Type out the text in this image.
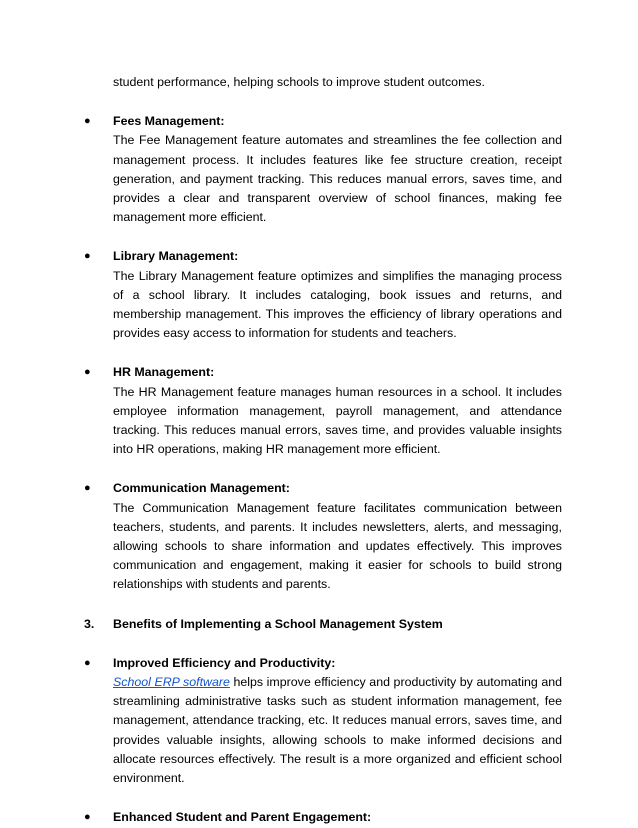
student performance, helping schools to improve student outcomes.

● Fees Management:

The Fee Management feature automates and streamlines the fee collection and management process. It includes features like fee structure creation, receipt generation, and payment tracking. This reduces manual errors, saves time, and provides a clear and transparent overview of school finances, making fee management more efficient.

● Library Management:

The Library Management feature optimizes and simplifies the managing process of a school library. It includes cataloging, book issues and returns, and membership management. This improves the efficiency of library operations and provides easy access to information for students and teachers.

● HR Management:

The HR Management feature manages human resources in a school. It includes employee information management, payroll management, and attendance tracking. This reduces manual errors, saves time, and provides valuable insights into HR operations, making HR management more efficient.

● Communication Management:

The Communication Management feature facilitates communication between teachers, students, and parents. It includes newsletters, alerts, and messaging, allowing schools to share information and updates effectively. This improves communication and engagement, making it easier for schools to build strong relationships with students and parents.

3. Benefits of Implementing a School Management System
● Improved Efficiency and Productivity:

School ERP software helps improve efficiency and productivity by automating and streamlining administrative tasks such as student information management, fee management, attendance tracking, etc. It reduces manual errors, saves time, and provides valuable insights, allowing schools to make informed decisions and allocate resources effectively. The result is a more organized and efficient school environment.

● Enhanced Student and Parent Engagement:
